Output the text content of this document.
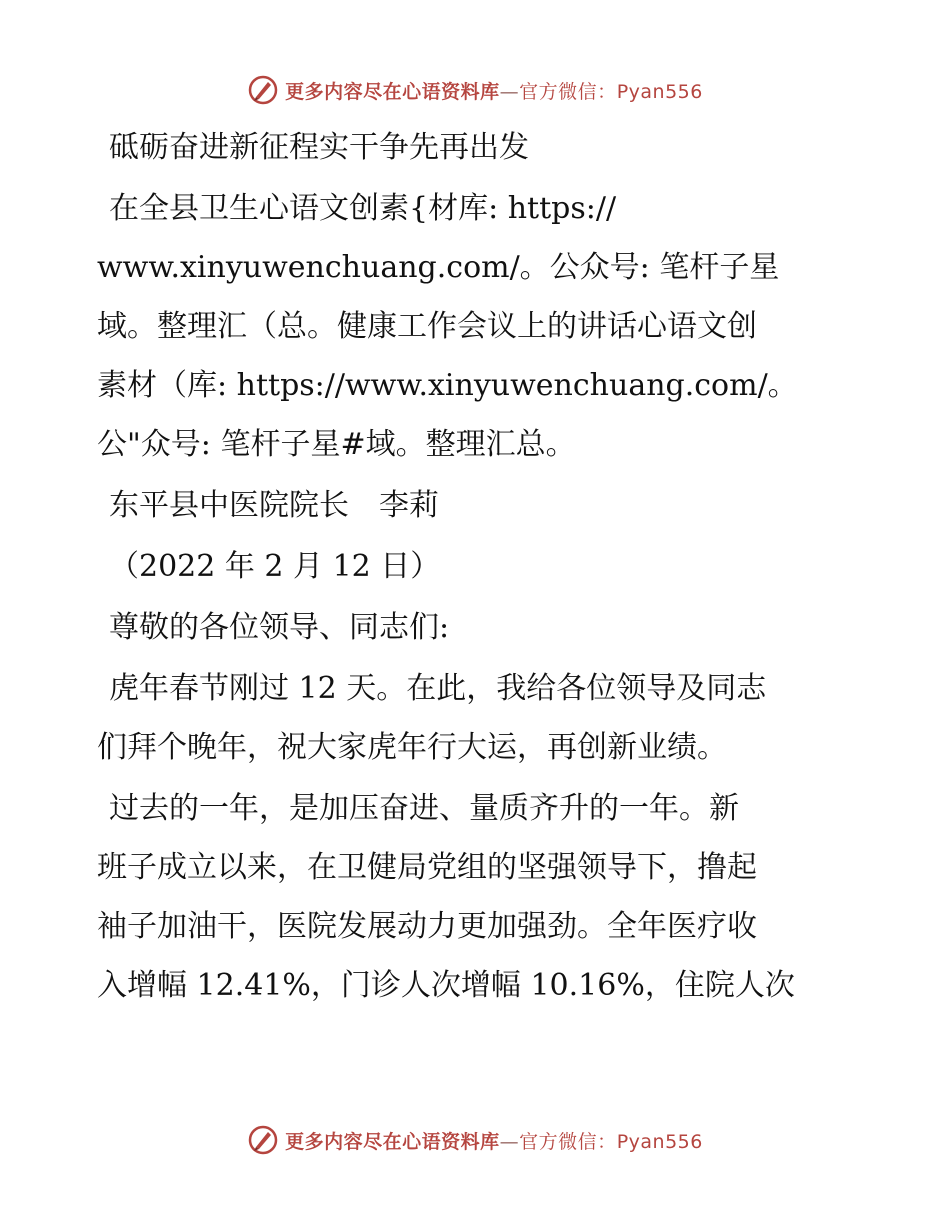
更多内容尽在心语资料库—官方微信：Pyan556
砥砺奋进新征程实干争先再出发
在全县卫生心语文创素{材库: https://
www.xinyuwenchuang.com/。公众号: 笔杆子星
域。整理汇（总。健康工作会议上的讲话心语文创
素材（库: https://www.xinyuwenchuang.com/。
公"众号: 笔杆子星#域。整理汇总。
东平县中医院院长　李莉
（2022 年 2 月 12 日）
尊敬的各位领导、同志们:
虎年春节刚过 12 天。在此，我给各位领导及同志
们拜个晚年，祝大家虎年行大运，再创新业绩。
过去的一年，是加压奋进、量质齐升的一年。新
班子成立以来，在卫健局党组的坚强领导下，撸起
袖子加油干，医院发展动力更加强劲。全年医疗收
入增幅 12.41%，门诊人次增幅 10.16%，住院人次
更多内容尽在心语资料库—官方微信：Pyan556
